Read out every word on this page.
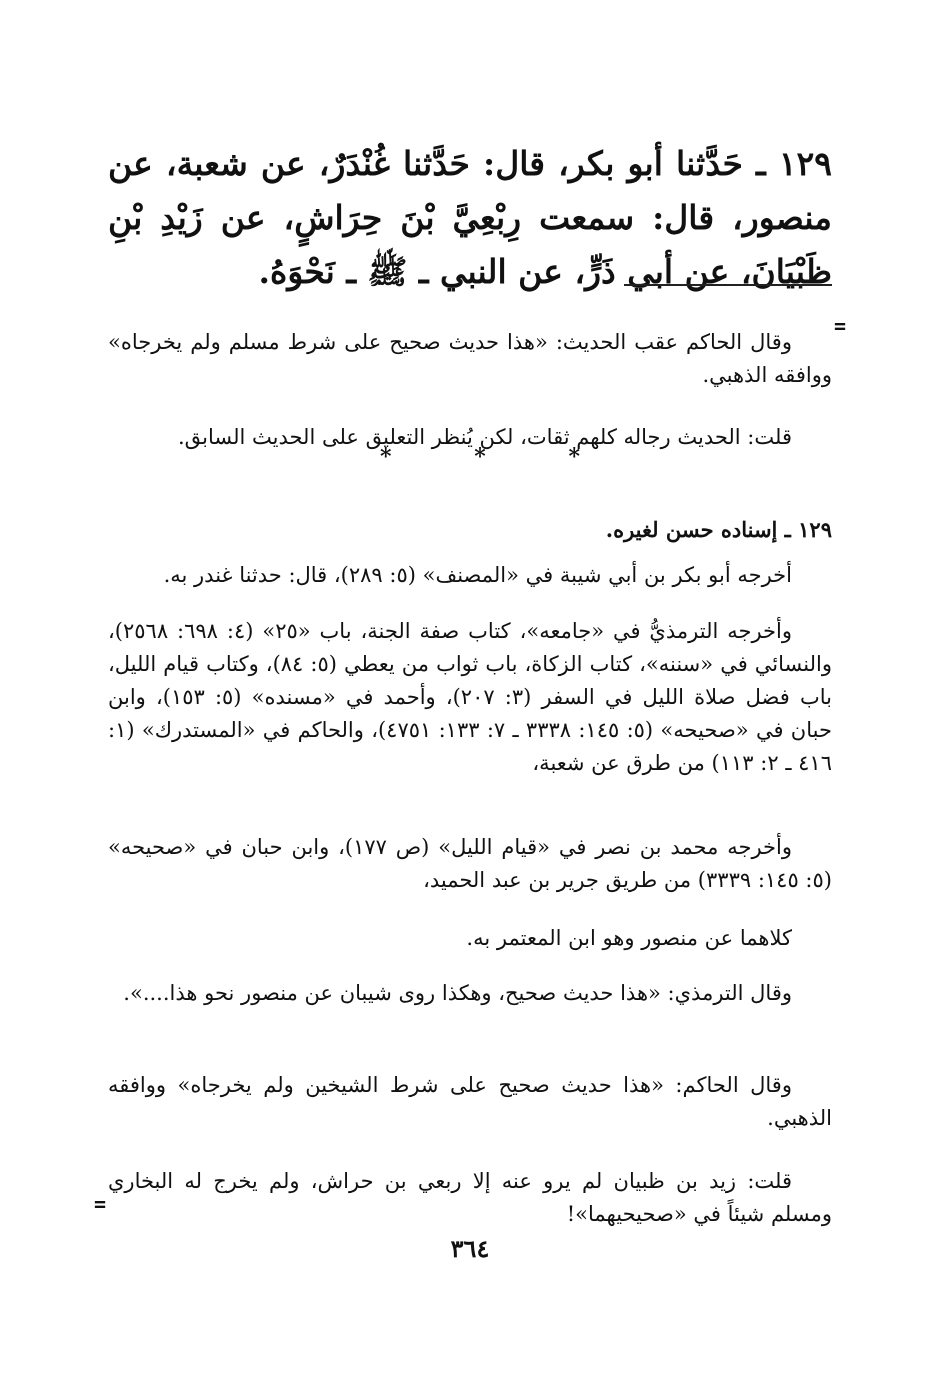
١٢٩ ـ حَدَّثنا أبو بكر، قال: حَدَّثنا غُنْدَرٌ، عن شعبة، عن منصور، قال: سمعت رِبْعِيَّ بْنَ حِرَاشٍ، عن زَيْدِ بْنِ ظَبْيَانَ، عن أبي ذَرٍّ، عن النبي ـ ﷺ ـ نَحْوَهُ.

=

وقال الحاكم عقب الحديث: «هذا حديث صحيح على شرط مسلم ولم يخرجاه» ووافقه الذهبي.

قلت: الحديث رجاله كلهم ثقات، لكن يُنظر التعليق على الحديث السابق.

*
*
*

١٢٩ ـ إسناده حسن لغيره.

أخرجه أبو بكر بن أبي شيبة في «المصنف» (٥: ٢٨٩)، قال: حدثنا غندر به.

وأخرجه الترمذيُّ في «جامعه»، كتاب صفة الجنة، باب «٢٥» (٤: ٦٩٨: ٢٥٦٨)، والنسائي في «سننه»، كتاب الزكاة، باب ثواب من يعطي (٥: ٨٤)، وكتاب قيام الليل، باب فضل صلاة الليل في السفر (٣: ٢٠٧)، وأحمد في «مسنده» (٥: ١٥٣)، وابن حبان في «صحيحه» (٥: ١٤٥: ٣٣٣٨ ـ ٧: ١٣٣: ٤٧٥١)، والحاكم في «المستدرك» (١: ٤١٦ ـ ٢: ١١٣) من طرق عن شعبة،

وأخرجه محمد بن نصر في «قيام الليل» (ص ١٧٧)، وابن حبان في «صحيحه» (٥: ١٤٥: ٣٣٣٩) من طريق جرير بن عبد الحميد،

كلاهما عن منصور وهو ابن المعتمر به.

وقال الترمذي: «هذا حديث صحيح، وهكذا روى شيبان عن منصور نحو هذا....».

وقال الحاكم: «هذا حديث صحيح على شرط الشيخين ولم يخرجاه» ووافقه الذهبي.

قلت: زيد بن ظبيان لم يرو عنه إلا ربعي بن حراش، ولم يخرج له البخاري ومسلم شيئاً في «صحيحيهما»!

=
٣٦٤
